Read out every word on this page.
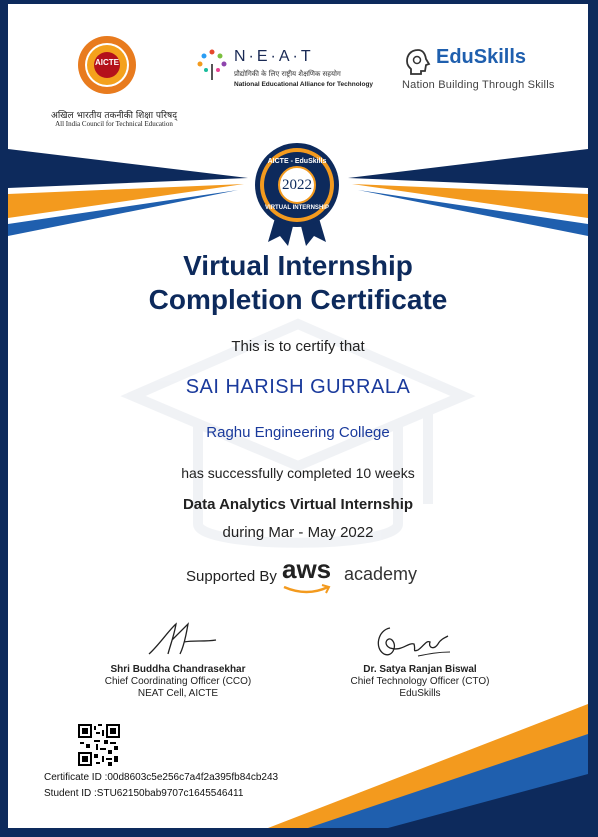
AICTE
अखिल भारतीय तकनीकी शिक्षा परिषद्
All India Council for Technical Education
N·E·A·T
प्रौद्योगिकी के लिए राष्ट्रीय शैक्षणिक सहयोग
National Educational Alliance for Technology
EduSkills
Nation Building Through Skills
AICTE - EduSkills
2022
VIRTUAL INTERNSHIP
Virtual Internship
Completion Certificate
This is to certify that
SAI HARISH GURRALA
Raghu Engineering College
has successfully completed 10 weeks
Data Analytics Virtual Internship
during Mar - May 2022
Supported By aws academy
Shri Buddha Chandrasekhar
Chief Coordinating Officer (CCO)
NEAT Cell, AICTE
Dr. Satya Ranjan Biswal
Chief Technology Officer (CTO)
EduSkills
Certificate ID :00d8603c5e256c7a4f2a395fb84cb243
Student ID :STU62150bab9707c1645546411
